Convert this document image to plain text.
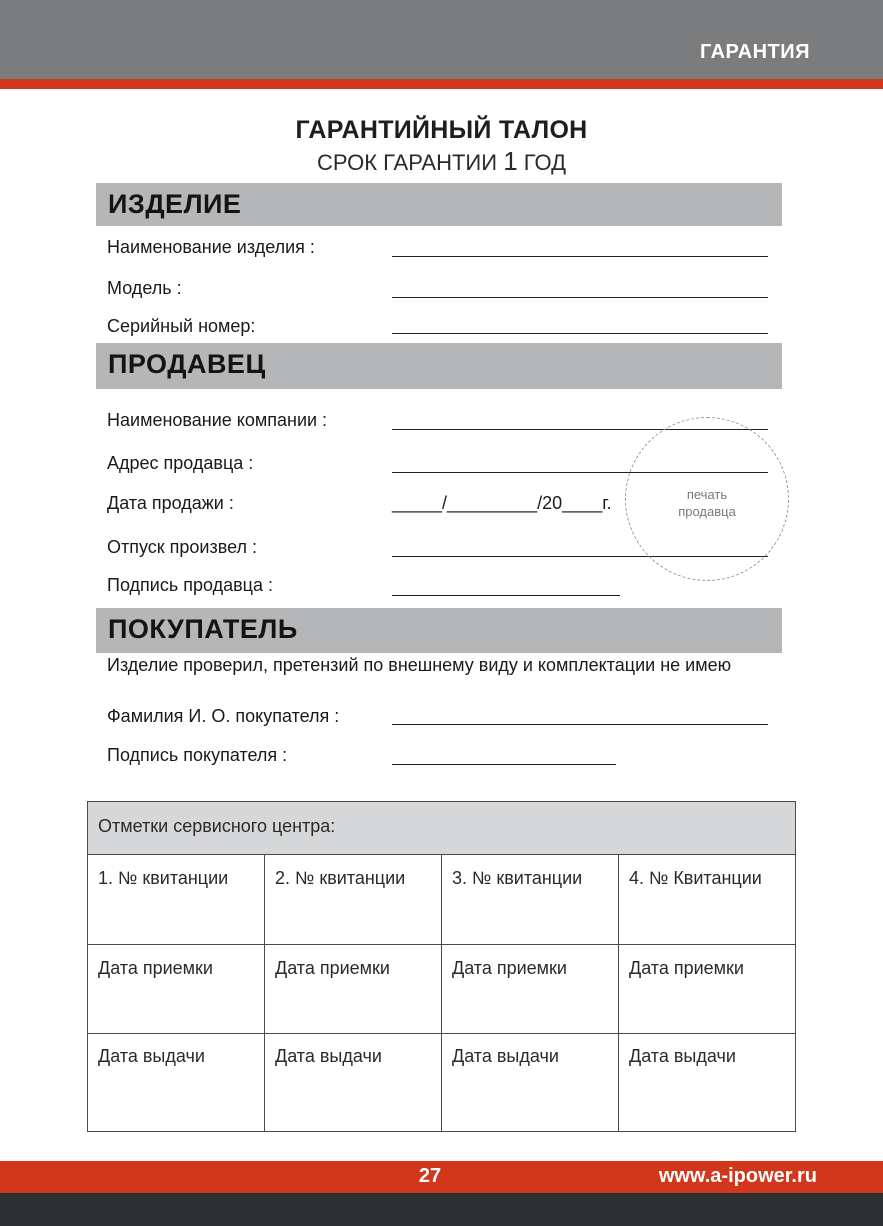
ГАРАНТИЯ
ГАРАНТИЙНЫЙ ТАЛОН
СРОК ГАРАНТИИ 1 ГОД
ИЗДЕЛИЕ
Наименование изделия :
Модель :
Серийный номер:
ПРОДАВЕЦ
Наименование компании :
Адрес продавца :
Дата продажи :	_____/_________/20____г.
Отпуск произвел :
Подпись продавца :
печать
продавца
ПОКУПАТЕЛЬ
Изделие проверил, претензий по внешнему виду и комплектации не имею
Фамилия И. О. покупателя :
Подпись покупателя :
Отметки сервисного центра:			
1. № квитанции	2. № квитанции	3. № квитанции	4. № Квитанции
Дата приемки	Дата приемки	Дата приемки	Дата приемки
Дата выдачи	Дата выдачи	Дата выдачи	Дата выдачи
27	www.a-ipower.ru
